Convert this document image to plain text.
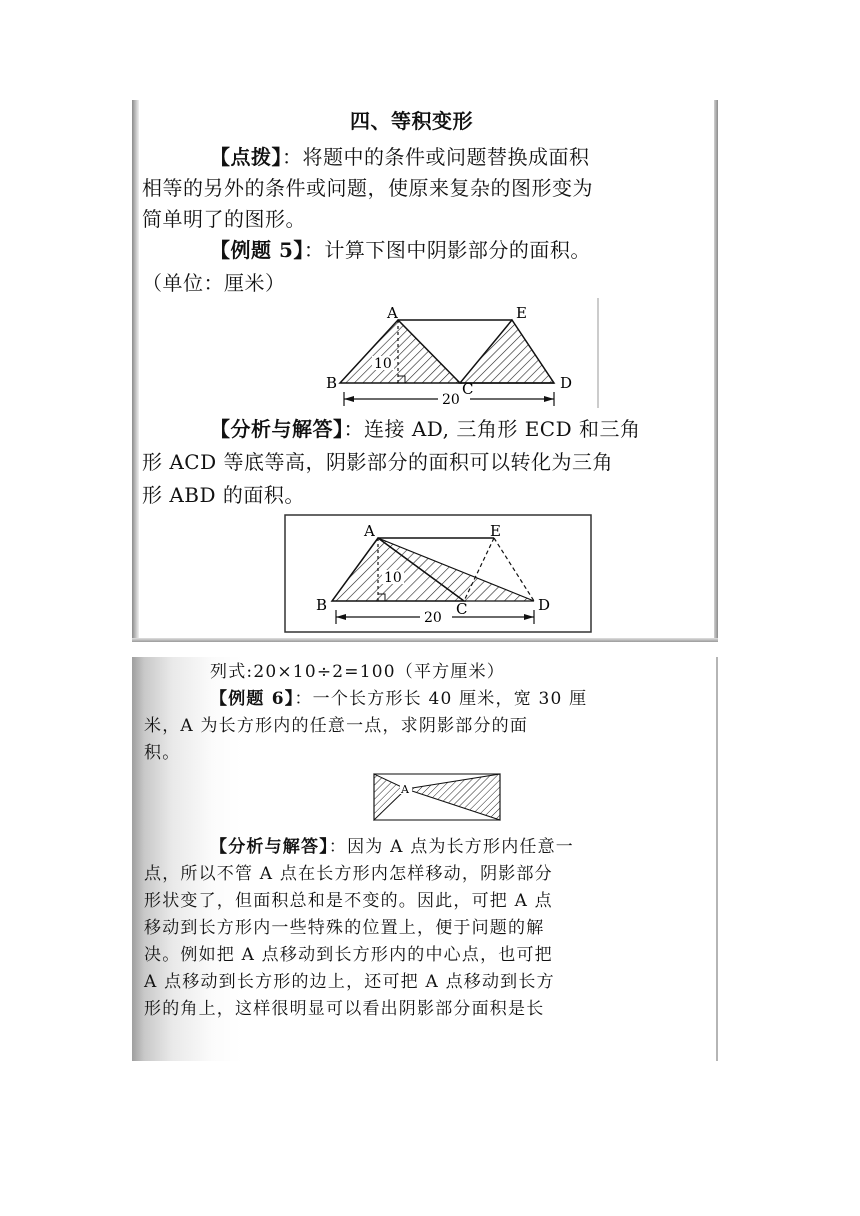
四、等积变形
【点拨】：将题中的条件或问题替换成面积
相等的另外的条件或问题，使原来复杂的图形变为
简单明了的图形。
【例题 5】：计算下图中阴影部分的面积。
（单位：厘米）
A	E
B	C	D
10
20
【分析与解答】：连接 AD, 三角形 ECD 和三角
形 ACD 等底等高，阴影部分的面积可以转化为三角
形 ABD 的面积。
A	E
B	C	D
10
20
列式:20×10÷2=100（平方厘米）
【例题 6】：一个长方形长 40 厘米，宽 30 厘
米，A 为长方形内的任意一点，求阴影部分的面
积。
A
【分析与解答】：因为 A 点为长方形内任意一
点，所以不管 A 点在长方形内怎样移动，阴影部分
形状变了，但面积总和是不变的。因此，可把 A 点
移动到长方形内一些特殊的位置上，便于问题的解
决。例如把 A 点移动到长方形内的中心点，也可把
A 点移动到长方形的边上，还可把 A 点移动到长方
形的角上，这样很明显可以看出阴影部分面积是长
